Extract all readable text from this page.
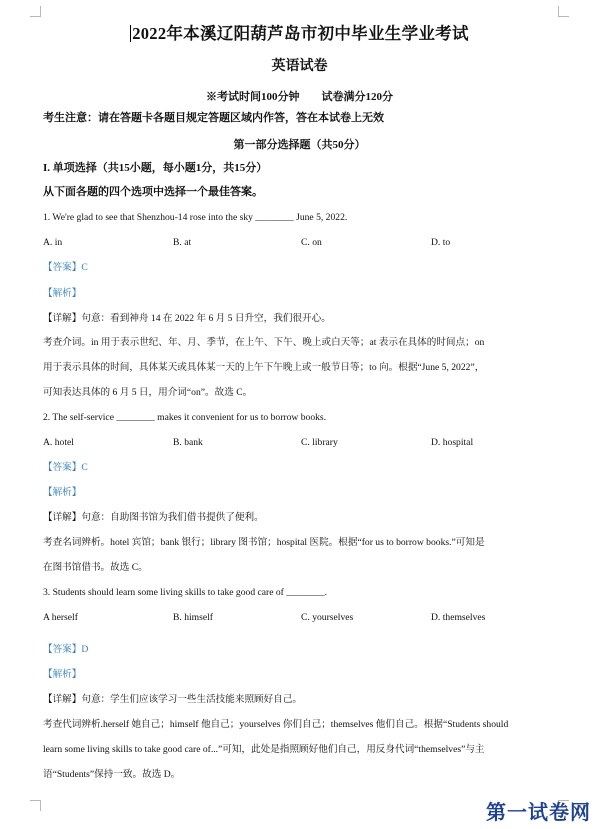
2022年本溪辽阳葫芦岛市初中毕业生学业考试
英语试卷
※考试时间100分钟　　试卷满分120分
考生注意：请在答题卡各题目规定答题区域内作答，答在本试卷上无效
第一部分选择题（共50分）
I. 单项选择（共15小题，每小题1分，共15分）
从下面各题的四个选项中选择一个最佳答案。
1. We're glad to see that Shenzhou-14 rose into the sky ________ June 5, 2022.
A. in	B. at	C. on	D. to
【答案】C
【解析】
【详解】句意：看到神舟 14 在 2022 年 6 月 5 日升空，我们很开心。
考查介词。in 用于表示世纪、年、月、季节，在上午、下午、晚上或白天等；at 表示在具体的时间点；on
用于表示具体的时间，具体某天或具体某一天的上午下午晚上或一般节日等；to 向。根据“June 5, 2022”，
可知表达具体的 6 月 5 日，用介词“on”。故选 C。
2. The self-service ________ makes it convenient for us to borrow books.
A. hotel	B. bank	C. library	D. hospital
【答案】C
【解析】
【详解】句意：自助图书馆为我们借书提供了便利。
考查名词辨析。hotel 宾馆；bank 银行；library 图书馆；hospital 医院。根据“for us to borrow books.”可知是
在图书馆借书。故选 C。
3. Students should learn some living skills to take good care of ________.
A herself	B. himself	C. yourselves	D. themselves
【答案】D
【解析】
【详解】句意：学生们应该学习一些生活技能来照顾好自己。
考查代词辨析.herself 她自己；himself 他自己；yourselves 你们自己；themselves 他们自己。根据“Students should
learn some living skills to take good care of...”可知，此处是指照顾好他们自己，用反身代词“themselves”与主
语“Students”保持一致。故选 D。
第一试卷网
